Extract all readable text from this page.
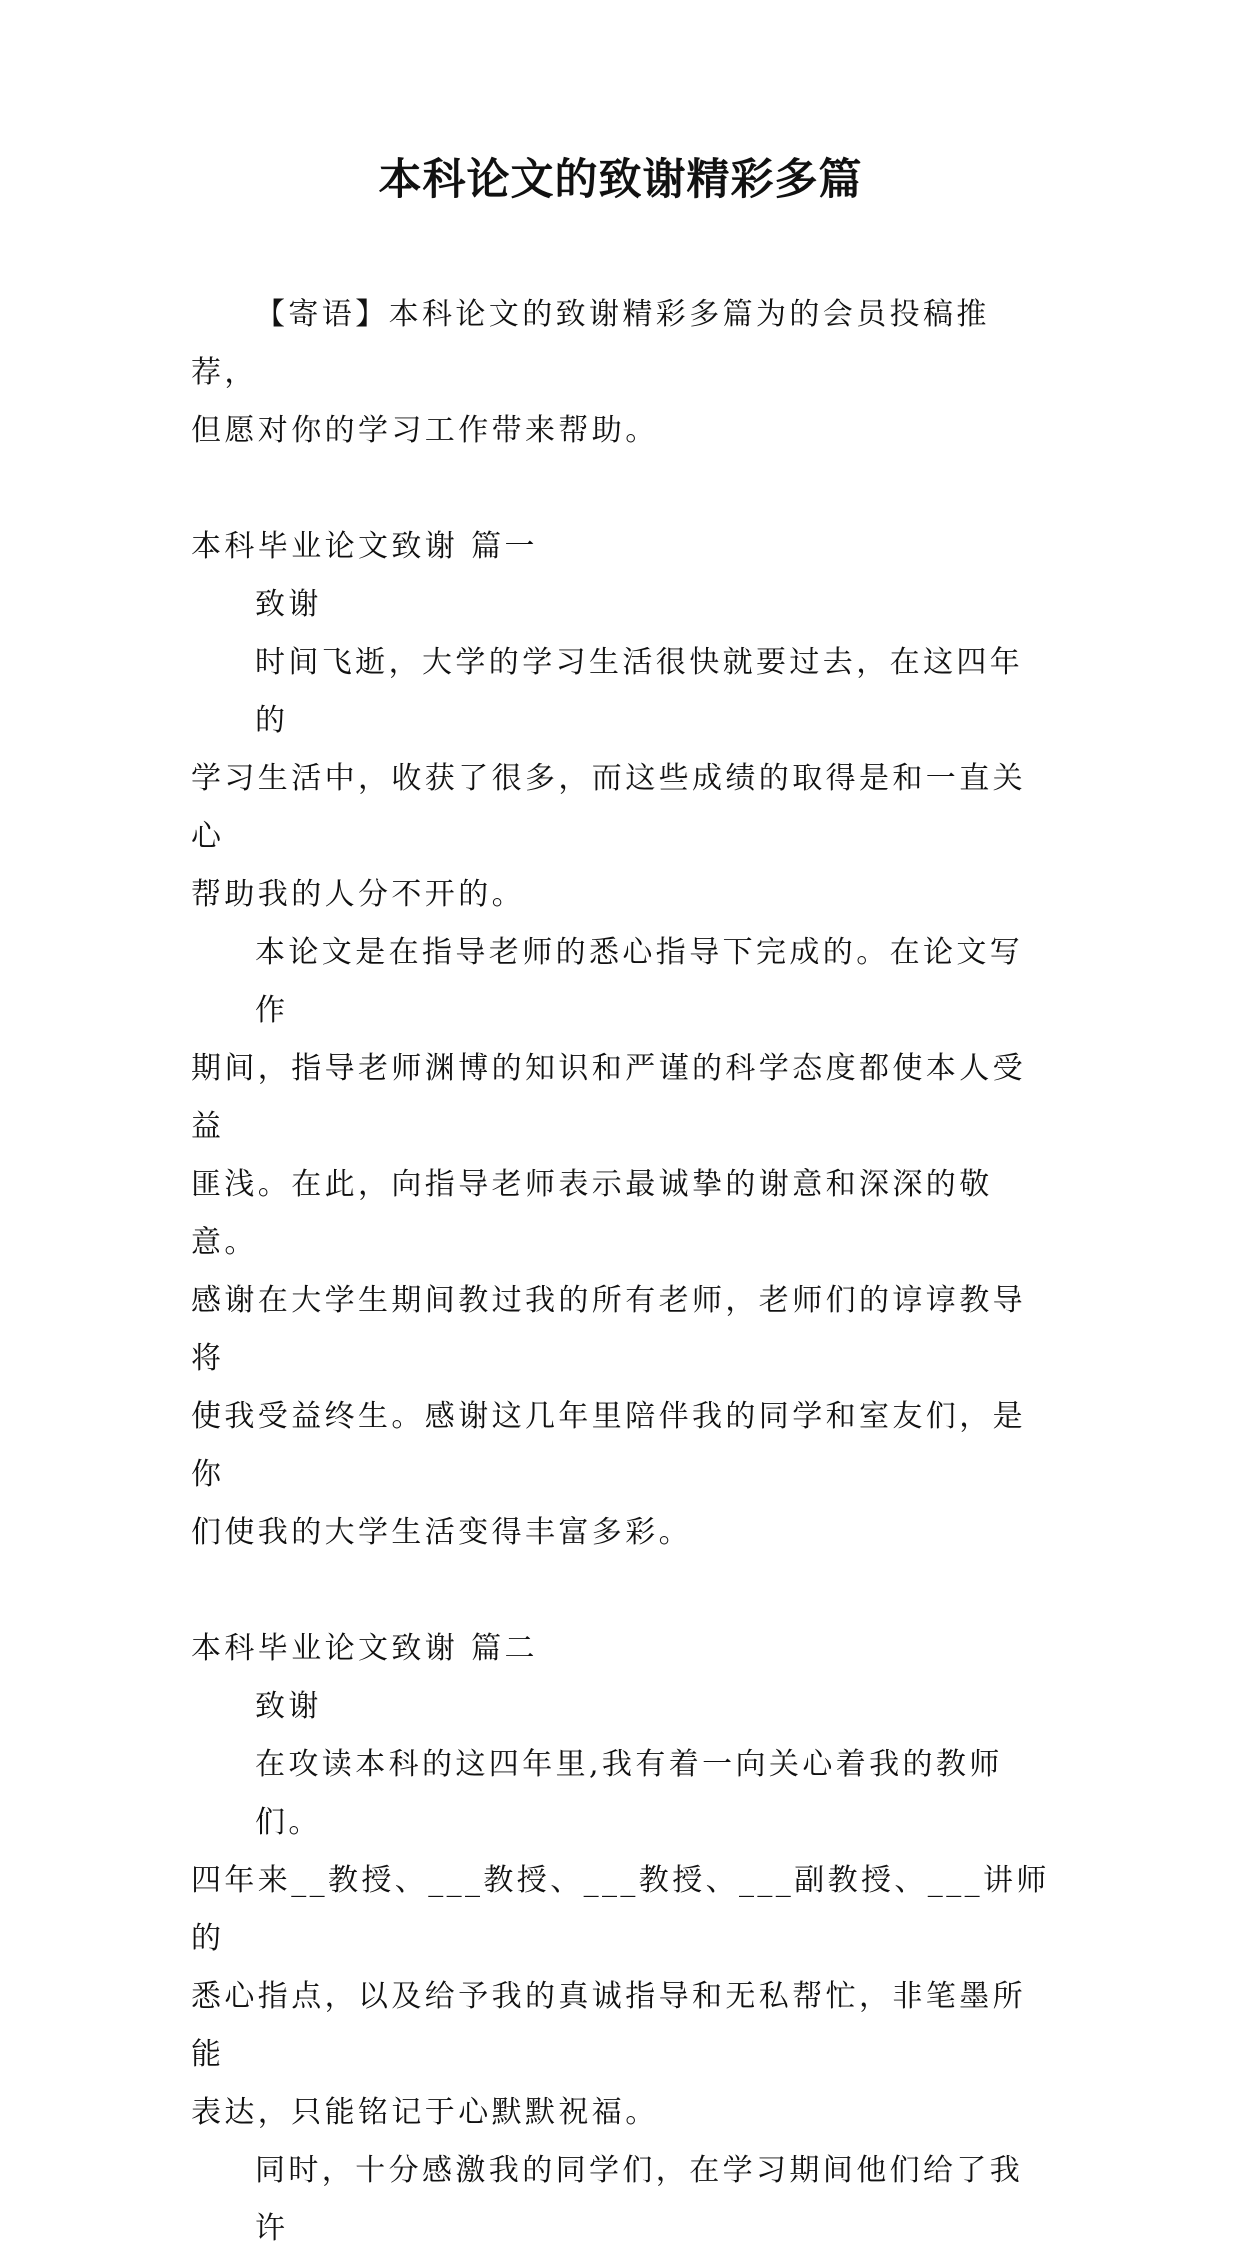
本科论文的致谢精彩多篇

【寄语】本科论文的致谢精彩多篇为的会员投稿推荐，

但愿对你的学习工作带来帮助。

本科毕业论文致谢 篇一

致谢

时间飞逝，大学的学习生活很快就要过去，在这四年的

学习生活中，收获了很多，而这些成绩的取得是和一直关心

帮助我的人分不开的。

本论文是在指导老师的悉心指导下完成的。在论文写作

期间，指导老师渊博的知识和严谨的科学态度都使本人受益

匪浅。在此，向指导老师表示最诚挚的谢意和深深的敬意。

感谢在大学生期间教过我的所有老师，老师们的谆谆教导将

使我受益终生。感谢这几年里陪伴我的同学和室友们，是你

们使我的大学生活变得丰富多彩。

本科毕业论文致谢 篇二

致谢

在攻读本科的这四年里,我有着一向关心着我的教师们。

四年来__教授、___教授、___教授、___副教授、___讲师的

悉心指点，以及给予我的真诚指导和无私帮忙，非笔墨所能

表达，只能铭记于心默默祝福。

同时，十分感激我的同学们，在学习期间他们给了我许
